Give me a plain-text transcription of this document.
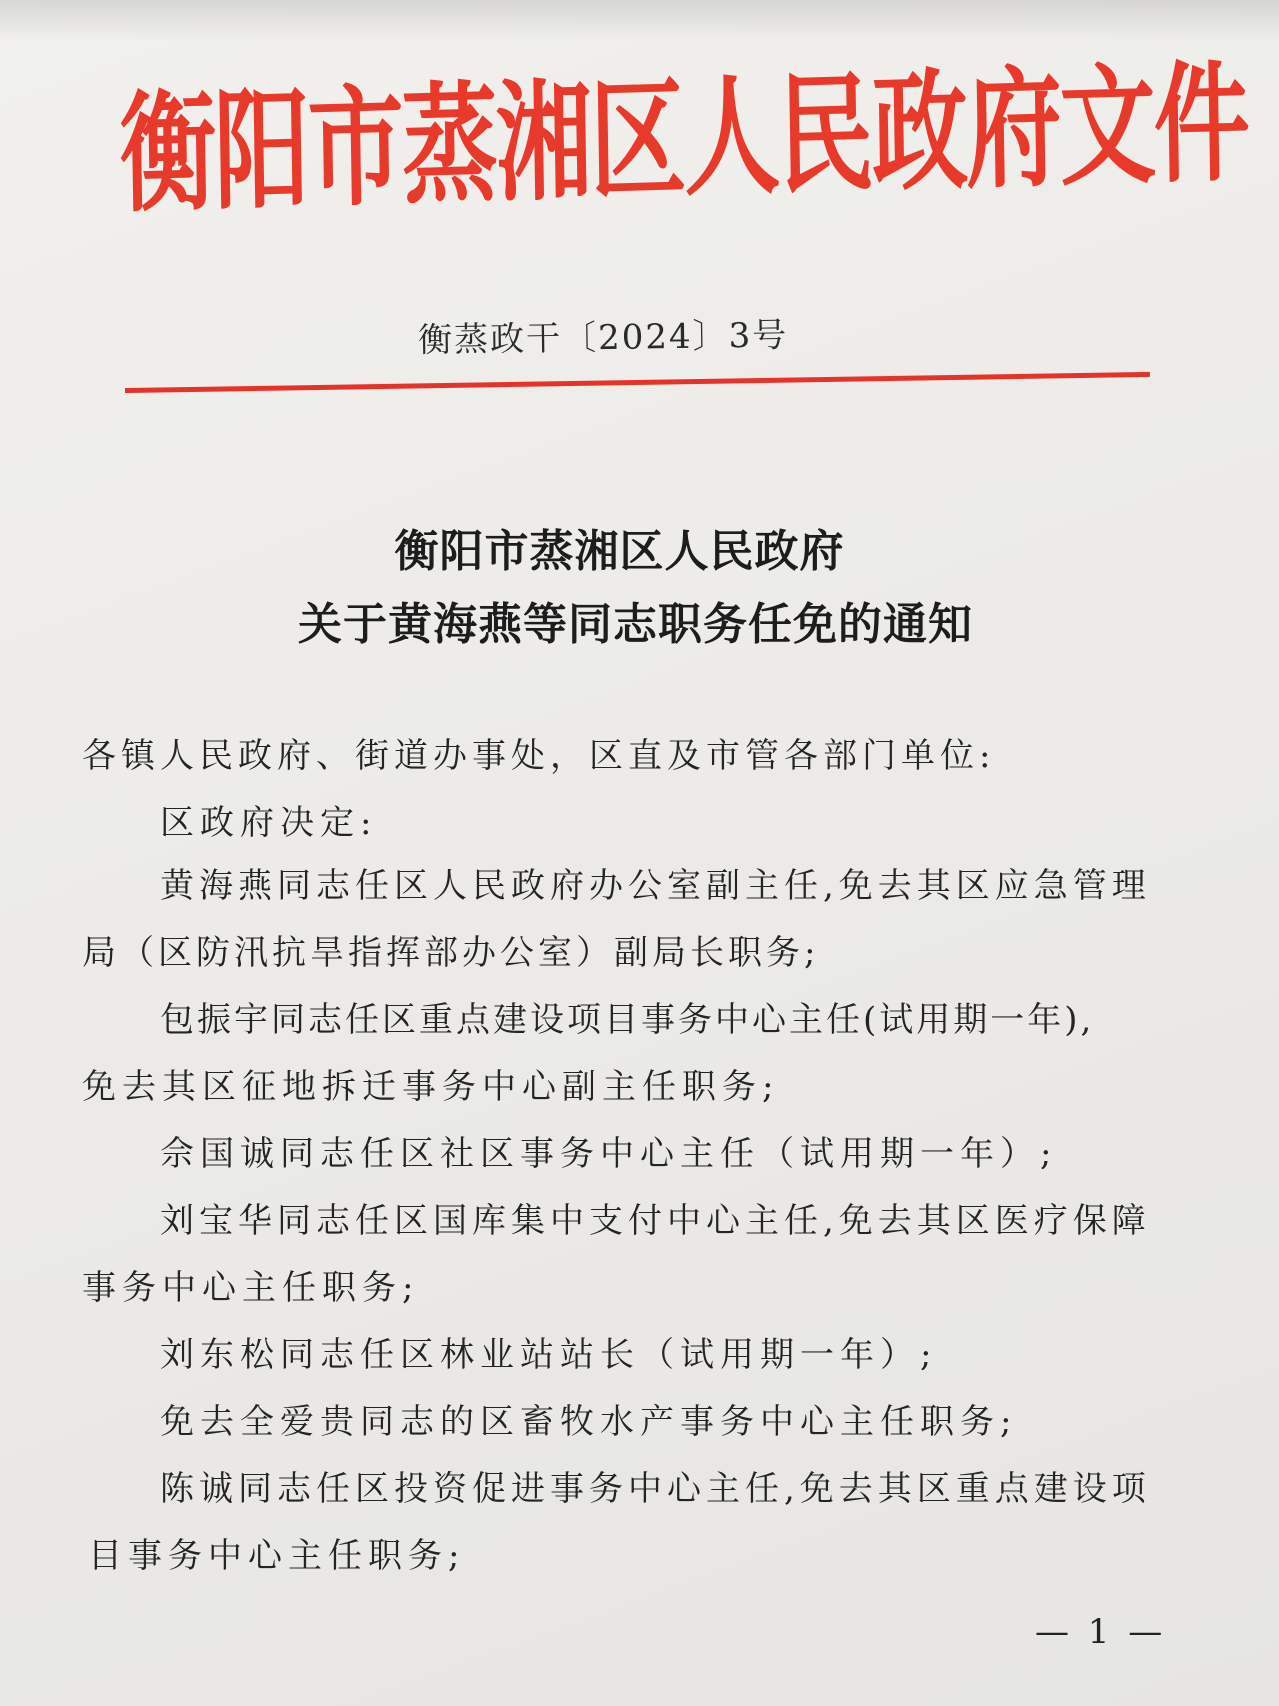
衡阳市蒸湘区人民政府文件
衡蒸政干〔2024〕3号
衡阳市蒸湘区人民政府
关于黄海燕等同志职务任免的通知
各镇人民政府、街道办事处，区直及市管各部门单位:
区政府决定:
黄海燕同志任区人民政府办公室副主任,免去其区应急管理
局（区防汛抗旱指挥部办公室）副局长职务;
包振宇同志任区重点建设项目事务中心主任(试用期一年),
免去其区征地拆迁事务中心副主任职务;
佘国诚同志任区社区事务中心主任（试用期一年）;
刘宝华同志任区国库集中支付中心主任,免去其区医疗保障
事务中心主任职务;
刘东松同志任区林业站站长（试用期一年）;
免去全爱贵同志的区畜牧水产事务中心主任职务;
陈诚同志任区投资促进事务中心主任,免去其区重点建设项
目事务中心主任职务;
— 1 —
